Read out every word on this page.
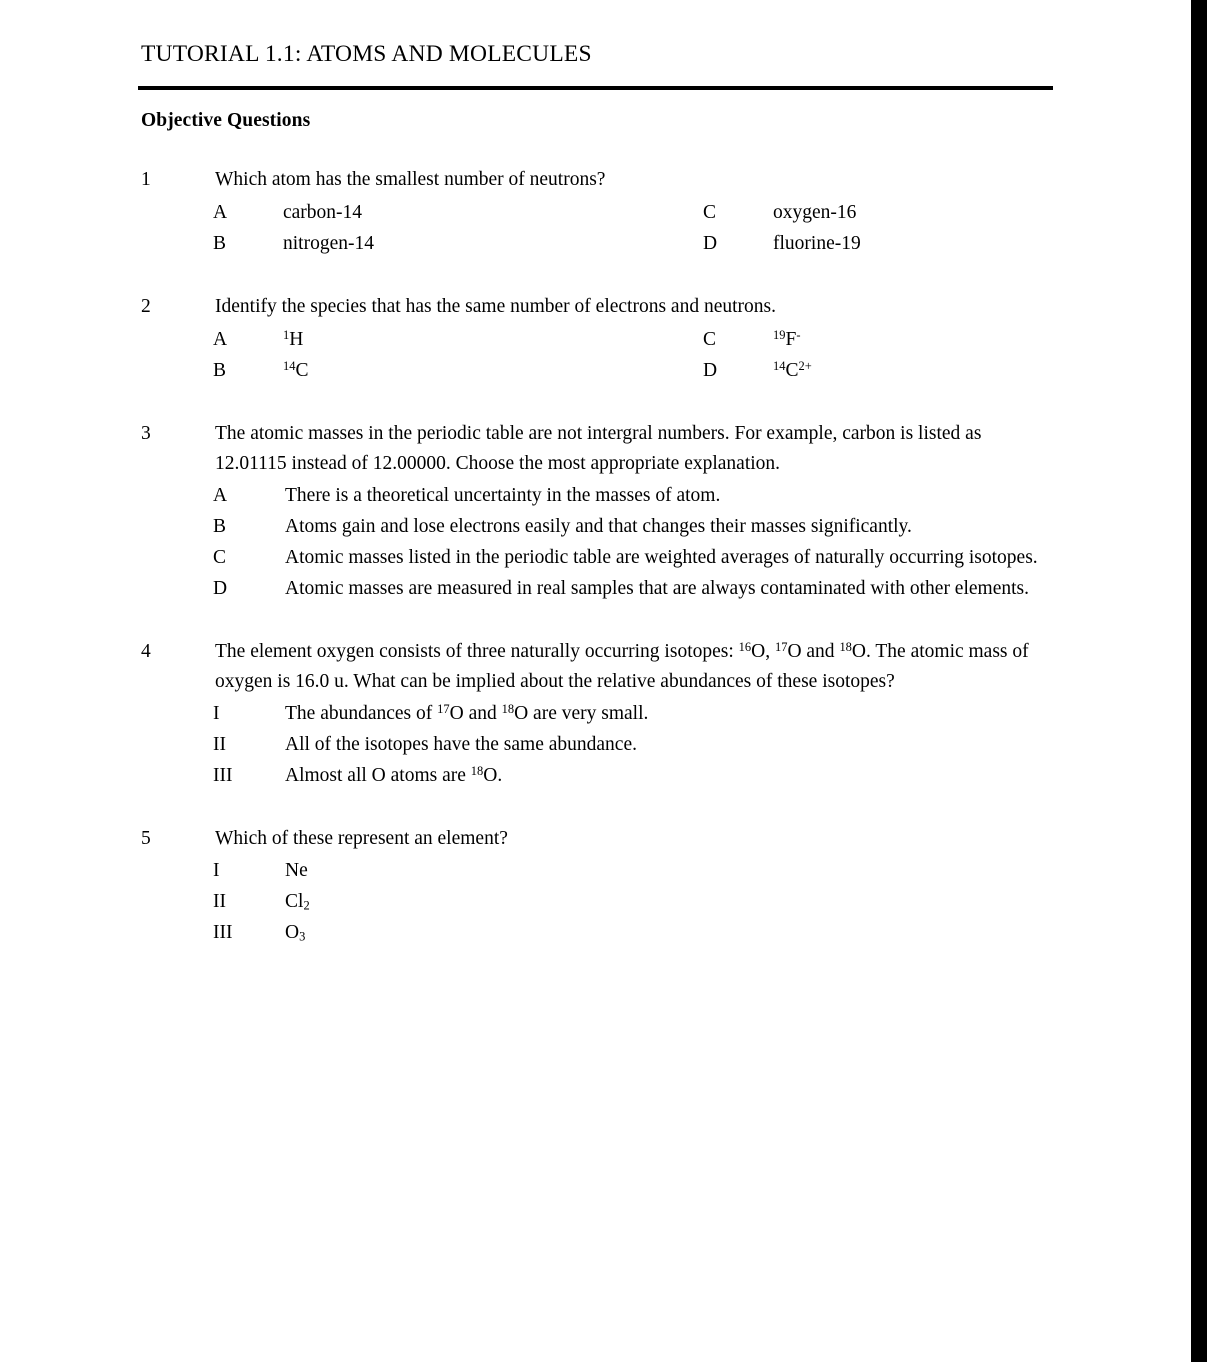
TUTORIAL 1.1: ATOMS AND MOLECULES
Objective Questions
1	Which atom has the smallest number of neutrons?
A	carbon-14	C	oxygen-16
B	nitrogen-14	D	fluorine-19
2	Identify the species that has the same number of electrons and neutrons.
A	$^1$H	C	$^{19}$F-
B	$^{14}$C	D	$^{14}C^{2+}$
3	The atomic masses in the periodic table are not intergral numbers. For example, carbon is listed as 12.01115 instead of 12.00000. Choose the most appropriate explanation.
A	There is a theoretical uncertainty in the masses of atom.
B	Atoms gain and lose electrons easily and that changes their masses significantly.
C	Atomic masses listed in the periodic table are weighted averages of naturally occurring isotopes.
D	Atomic masses are measured in real samples that are always contaminated with other elements.
4	The element oxygen consists of three naturally occurring isotopes: $^{16}$O, $^{17}$O and $^{18}$O. The atomic mass of oxygen is 16.0 u. What can be implied about the relative abundances of these isotopes?
I	The abundances of $^{17}$O and $^{18}$O are very small.
II	All of the isotopes have the same abundance.
III	Almost all O atoms are $^{18}$O.
5	Which of these represent an element?
I	Ne
II	$Cl_2$
III	$O_3$
